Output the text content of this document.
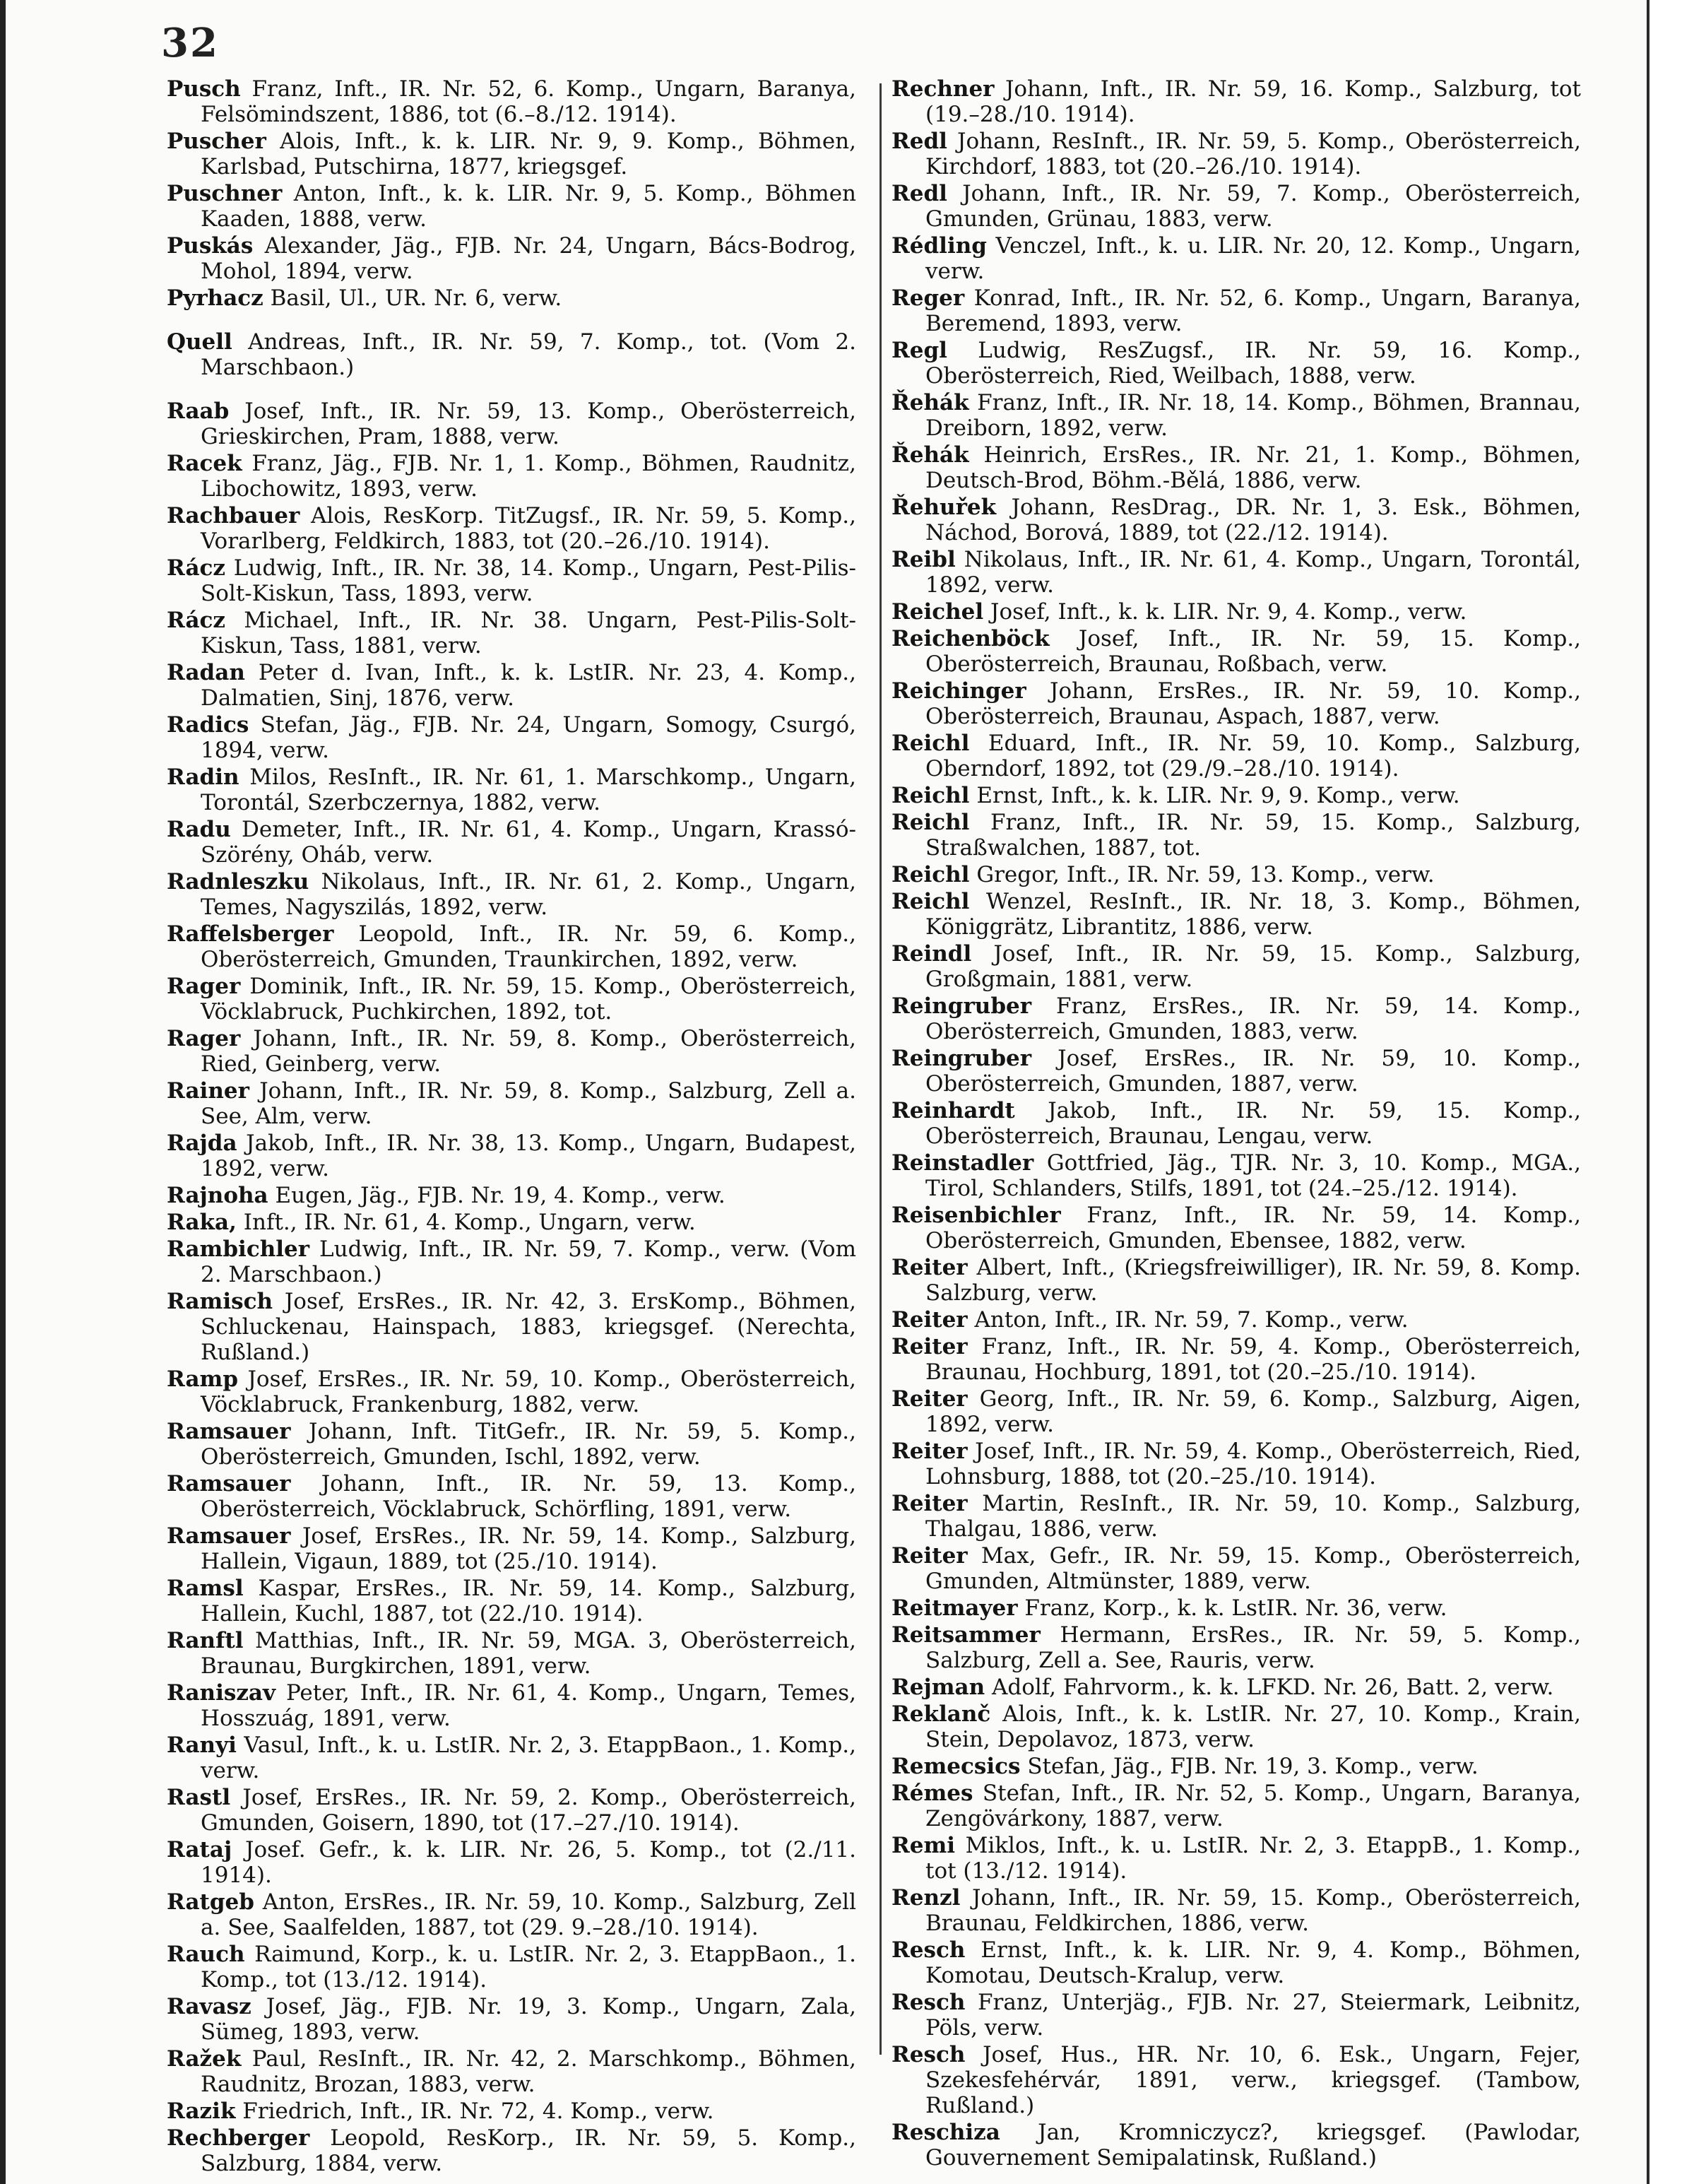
32

Pusch Franz, Inft., IR. Nr. 52, 6. Komp., Ungarn, Baranya, Felsömindszent, 1886, tot (6.–8./12. 1914).

Puscher Alois, Inft., k. k. LIR. Nr. 9, 9. Komp., Böhmen, Karlsbad, Putschirna, 1877, kriegsgef.

Puschner Anton, Inft., k. k. LIR. Nr. 9, 5. Komp., Böhmen Kaaden, 1888, verw.

Puskás Alexander, Jäg., FJB. Nr. 24, Ungarn, Bács-Bodrog, Mohol, 1894, verw.

Pyrhacz Basil, Ul., UR. Nr. 6, verw.

Quell Andreas, Inft., IR. Nr. 59, 7. Komp., tot. (Vom 2. Marschbaon.)

Raab Josef, Inft., IR. Nr. 59, 13. Komp., Oberösterreich, Grieskirchen, Pram, 1888, verw.

Racek Franz, Jäg., FJB. Nr. 1, 1. Komp., Böhmen, Raudnitz, Libochowitz, 1893, verw.

Rachbauer Alois, ResKorp. TitZugsf., IR. Nr. 59, 5. Komp., Vorarlberg, Feldkirch, 1883, tot (20.–26./10. 1914).

Rácz Ludwig, Inft., IR. Nr. 38, 14. Komp., Ungarn, Pest-Pilis-Solt-Kiskun, Tass, 1893, verw.

Rácz Michael, Inft., IR. Nr. 38. Ungarn, Pest-Pilis-Solt-Kiskun, Tass, 1881, verw.

Radan Peter d. Ivan, Inft., k. k. LstIR. Nr. 23, 4. Komp., Dalmatien, Sinj, 1876, verw.

Radics Stefan, Jäg., FJB. Nr. 24, Ungarn, Somogy, Csurgó, 1894, verw.

Radin Milos, ResInft., IR. Nr. 61, 1. Marschkomp., Ungarn, Torontál, Szerbczernya, 1882, verw.

Radu Demeter, Inft., IR. Nr. 61, 4. Komp., Ungarn, Krassó-Szörény, Oháb, verw.

Radnleszku Nikolaus, Inft., IR. Nr. 61, 2. Komp., Ungarn, Temes, Nagyszilás, 1892, verw.

Raffelsberger Leopold, Inft., IR. Nr. 59, 6. Komp., Oberösterreich, Gmunden, Traunkirchen, 1892, verw.

Rager Dominik, Inft., IR. Nr. 59, 15. Komp., Oberösterreich, Vöcklabruck, Puchkirchen, 1892, tot.

Rager Johann, Inft., IR. Nr. 59, 8. Komp., Oberösterreich, Ried, Geinberg, verw.

Rainer Johann, Inft., IR. Nr. 59, 8. Komp., Salzburg, Zell a. See, Alm, verw.

Rajda Jakob, Inft., IR. Nr. 38, 13. Komp., Ungarn, Budapest, 1892, verw.

Rajnoha Eugen, Jäg., FJB. Nr. 19, 4. Komp., verw.

Raka, Inft., IR. Nr. 61, 4. Komp., Ungarn, verw.

Rambichler Ludwig, Inft., IR. Nr. 59, 7. Komp., verw. (Vom 2. Marschbaon.)

Ramisch Josef, ErsRes., IR. Nr. 42, 3. ErsKomp., Böhmen, Schluckenau, Hainspach, 1883, kriegsgef. (Nerechta, Rußland.)

Ramp Josef, ErsRes., IR. Nr. 59, 10. Komp., Oberösterreich, Vöcklabruck, Frankenburg, 1882, verw.

Ramsauer Johann, Inft. TitGefr., IR. Nr. 59, 5. Komp., Oberösterreich, Gmunden, Ischl, 1892, verw.

Ramsauer Johann, Inft., IR. Nr. 59, 13. Komp., Oberösterreich, Vöcklabruck, Schörfling, 1891, verw.

Ramsauer Josef, ErsRes., IR. Nr. 59, 14. Komp., Salzburg, Hallein, Vigaun, 1889, tot (25./10. 1914).

Ramsl Kaspar, ErsRes., IR. Nr. 59, 14. Komp., Salzburg, Hallein, Kuchl, 1887, tot (22./10. 1914).

Ranftl Matthias, Inft., IR. Nr. 59, MGA. 3, Oberösterreich, Braunau, Burgkirchen, 1891, verw.

Raniszav Peter, Inft., IR. Nr. 61, 4. Komp., Ungarn, Temes, Hosszuág, 1891, verw.

Ranyi Vasul, Inft., k. u. LstIR. Nr. 2, 3. EtappBaon., 1. Komp., verw.

Rastl Josef, ErsRes., IR. Nr. 59, 2. Komp., Oberösterreich, Gmunden, Goisern, 1890, tot (17.–27./10. 1914).

Rataj Josef. Gefr., k. k. LIR. Nr. 26, 5. Komp., tot (2./11. 1914).

Ratgeb Anton, ErsRes., IR. Nr. 59, 10. Komp., Salzburg, Zell a. See, Saalfelden, 1887, tot (29. 9.–28./10. 1914).

Rauch Raimund, Korp., k. u. LstIR. Nr. 2, 3. EtappBaon., 1. Komp., tot (13./12. 1914).

Ravasz Josef, Jäg., FJB. Nr. 19, 3. Komp., Ungarn, Zala, Sümeg, 1893, verw.

Ražek Paul, ResInft., IR. Nr. 42, 2. Marschkomp., Böhmen, Raudnitz, Brozan, 1883, verw.

Razik Friedrich, Inft., IR. Nr. 72, 4. Komp., verw.

Rechberger Leopold, ResKorp., IR. Nr. 59, 5. Komp., Salzburg, 1884, verw.

Rechner Johann, Inft., IR. Nr. 59, 16. Komp., Salzburg, tot (19.–28./10. 1914).

Redl Johann, ResInft., IR. Nr. 59, 5. Komp., Oberösterreich, Kirchdorf, 1883, tot (20.–26./10. 1914).

Redl Johann, Inft., IR. Nr. 59, 7. Komp., Oberösterreich, Gmunden, Grünau, 1883, verw.

Rédling Venczel, Inft., k. u. LIR. Nr. 20, 12. Komp., Ungarn, verw.

Reger Konrad, Inft., IR. Nr. 52, 6. Komp., Ungarn, Baranya, Beremend, 1893, verw.

Regl Ludwig, ResZugsf., IR. Nr. 59, 16. Komp., Oberösterreich, Ried, Weilbach, 1888, verw.

Řehák Franz, Inft., IR. Nr. 18, 14. Komp., Böhmen, Brannau, Dreiborn, 1892, verw.

Řehák Heinrich, ErsRes., IR. Nr. 21, 1. Komp., Böhmen, Deutsch-Brod, Böhm.-Bělá, 1886, verw.

Řehuřek Johann, ResDrag., DR. Nr. 1, 3. Esk., Böhmen, Náchod, Borová, 1889, tot (22./12. 1914).

Reibl Nikolaus, Inft., IR. Nr. 61, 4. Komp., Ungarn, Torontál, 1892, verw.

Reichel Josef, Inft., k. k. LIR. Nr. 9, 4. Komp., verw.

Reichenböck Josef, Inft., IR. Nr. 59, 15. Komp., Oberösterreich, Braunau, Roßbach, verw.

Reichinger Johann, ErsRes., IR. Nr. 59, 10. Komp., Oberösterreich, Braunau, Aspach, 1887, verw.

Reichl Eduard, Inft., IR. Nr. 59, 10. Komp., Salzburg, Oberndorf, 1892, tot (29./9.–28./10. 1914).

Reichl Ernst, Inft., k. k. LIR. Nr. 9, 9. Komp., verw.

Reichl Franz, Inft., IR. Nr. 59, 15. Komp., Salzburg, Straßwalchen, 1887, tot.

Reichl Gregor, Inft., IR. Nr. 59, 13. Komp., verw.

Reichl Wenzel, ResInft., IR. Nr. 18, 3. Komp., Böhmen, Königgrätz, Librantitz, 1886, verw.

Reindl Josef, Inft., IR. Nr. 59, 15. Komp., Salzburg, Großgmain, 1881, verw.

Reingruber Franz, ErsRes., IR. Nr. 59, 14. Komp., Oberösterreich, Gmunden, 1883, verw.

Reingruber Josef, ErsRes., IR. Nr. 59, 10. Komp., Oberösterreich, Gmunden, 1887, verw.

Reinhardt Jakob, Inft., IR. Nr. 59, 15. Komp., Oberösterreich, Braunau, Lengau, verw.

Reinstadler Gottfried, Jäg., TJR. Nr. 3, 10. Komp., MGA., Tirol, Schlanders, Stilfs, 1891, tot (24.–25./12. 1914).

Reisenbichler Franz, Inft., IR. Nr. 59, 14. Komp., Oberösterreich, Gmunden, Ebensee, 1882, verw.

Reiter Albert, Inft., (Kriegsfreiwilliger), IR. Nr. 59, 8. Komp. Salzburg, verw.

Reiter Anton, Inft., IR. Nr. 59, 7. Komp., verw.

Reiter Franz, Inft., IR. Nr. 59, 4. Komp., Oberösterreich, Braunau, Hochburg, 1891, tot (20.–25./10. 1914).

Reiter Georg, Inft., IR. Nr. 59, 6. Komp., Salzburg, Aigen, 1892, verw.

Reiter Josef, Inft., IR. Nr. 59, 4. Komp., Oberösterreich, Ried, Lohnsburg, 1888, tot (20.–25./10. 1914).

Reiter Martin, ResInft., IR. Nr. 59, 10. Komp., Salzburg, Thalgau, 1886, verw.

Reiter Max, Gefr., IR. Nr. 59, 15. Komp., Oberösterreich, Gmunden, Altmünster, 1889, verw.

Reitmayer Franz, Korp., k. k. LstIR. Nr. 36, verw.

Reitsammer Hermann, ErsRes., IR. Nr. 59, 5. Komp., Salzburg, Zell a. See, Rauris, verw.

Rejman Adolf, Fahrvorm., k. k. LFKD. Nr. 26, Batt. 2, verw.

Reklanč Alois, Inft., k. k. LstIR. Nr. 27, 10. Komp., Krain, Stein, Depolavoz, 1873, verw.

Remecsics Stefan, Jäg., FJB. Nr. 19, 3. Komp., verw.

Rémes Stefan, Inft., IR. Nr. 52, 5. Komp., Ungarn, Baranya, Zengövárkony, 1887, verw.

Remi Miklos, Inft., k. u. LstIR. Nr. 2, 3. EtappB., 1. Komp., tot (13./12. 1914).

Renzl Johann, Inft., IR. Nr. 59, 15. Komp., Oberösterreich, Braunau, Feldkirchen, 1886, verw.

Resch Ernst, Inft., k. k. LIR. Nr. 9, 4. Komp., Böhmen, Komotau, Deutsch-Kralup, verw.

Resch Franz, Unterjäg., FJB. Nr. 27, Steiermark, Leibnitz, Pöls, verw.

Resch Josef, Hus., HR. Nr. 10, 6. Esk., Ungarn, Fejer, Szekesfehérvár, 1891, verw., kriegsgef. (Tambow, Rußland.)

Reschiza Jan, Kromniczycz?, kriegsgef. (Pawlodar, Gouvernement Semipalatinsk, Rußland.)
